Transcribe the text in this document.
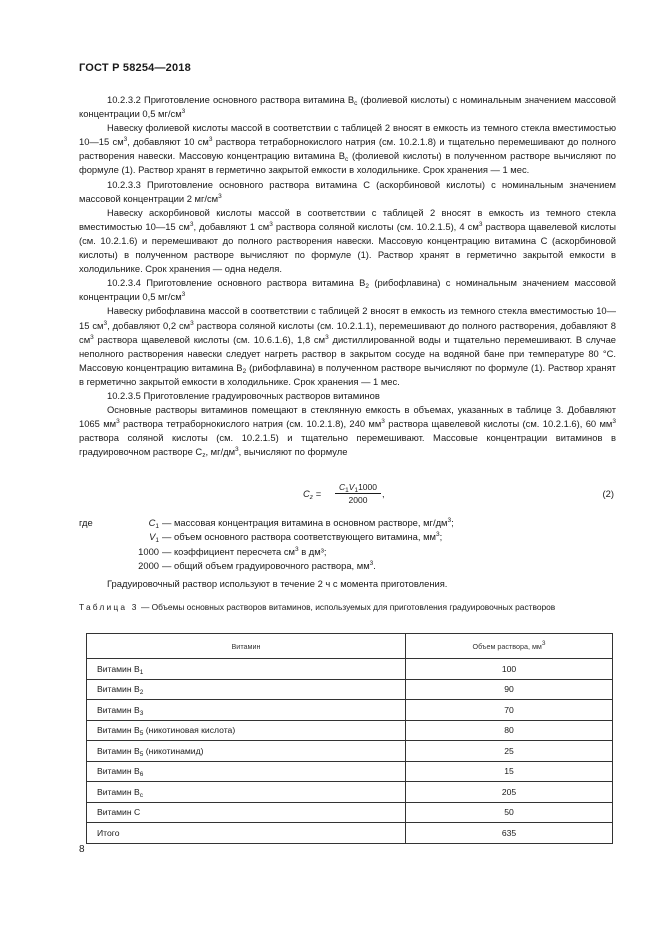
ГОСТ Р 58254—2018

10.2.3.2 Приготовление основного раствора витамина $B_c$ (фолиевой кислоты) с номинальным значением массовой концентрации 0,5 $мг/см^3$

Навеску фолиевой кислоты массой в соответствии с таблицей 2 вносят в емкость из темного стекла вместимостью 10—15 $см^3$, добавляют 10 $см^3$ раствора тетраборнокислого натрия (см. 10.2.1.8) и тщательно перемешивают до полного растворения навески. Массовую концентрацию витамина $B_c$ (фолиевой кислоты) в полученном растворе вычисляют по формуле (1). Раствор хранят в герметично закрытой емкости в холодильнике. Срок хранения — 1 мес.

10.2.3.3 Приготовление основного раствора витамина С (аскорбиновой кислоты) с номинальным значением массовой концентрации 2 $мг/см^3$

Навеску аскорбиновой кислоты массой в соответствии с таблицей 2 вносят в емкость из темного стекла вместимостью 10—15 $см^3$, добавляют 1 $см^3$ раствора соляной кислоты (см. 10.2.1.5), 4 $см^3$ раствора щавелевой кислоты (см. 10.2.1.6) и перемешивают до полного растворения навески. Массовую концентрацию витамина С (аскорбиновой кислоты) в полученном растворе вычисляют по формуле (1). Раствор хранят в герметично закрытой емкости в холодильнике. Срок хранения — одна неделя.

10.2.3.4 Приготовление основного раствора витамина $B_2$ (рибофлавина) с номинальным значением массовой концентрации 0,5 $мг/см^3$

Навеску рибофлавина массой в соответствии с таблицей 2 вносят в емкость из темного стекла вместимостью 10—15 $см^3$, добавляют 0,2 $см^3$ раствора соляной кислоты (см. 10.2.1.1), перемешивают до полного растворения, добавляют 8 $см^3$ раствора щавелевой кислоты (см. 10.6.1.6), 1,8 $см^3$ дистиллированной воды и тщательно перемешивают. В случае неполного растворения навески следует нагреть раствор в закрытом сосуде на водяной бане при температуре 80 °C. Массовую концентрацию витамина $B_2$ (рибофлавина) в полученном растворе вычисляют по формуле (1). Раствор хранят в герметично закрытой емкости в холодильнике. Срок хранения — 1 мес.

10.2.3.5 Приготовление градуировочных растворов витаминов

Основные растворы витаминов помещают в стеклянную емкость в объемах, указанных в таблице 3. Добавляют 1065 $мм^3$ раствора тетраборнокислого натрия (см. 10.2.1.8), 240 $мм^3$ раствора щавелевой кислоты (см. 10.2.1.6), 60 $мм^3$ раствора соляной кислоты (см. 10.2.1.5) и тщательно перемешивают. Массовые концентрации витаминов в градуировочном растворе $C_z$, $мг/дм^3$, вычисляют по формуле

$C_z = \frac{C_1V_11000}{2000}$ ,	(2)
где	$C_1$ — массовая концентрация витамина в основном растворе, $мг/дм^3$;
$V_1$ — объем основного раствора соответствующего витамина, $мм^3$;
1000 — коэффициент пересчета $см^3$ в дм³;
2000 — общий объем градуировочного раствора, $мм^3$.
Градуировочный раствор используют в течение 2 ч с момента приготовления.
Таблица 3 — Объемы основных растворов витаминов, используемых для приготовления градуировочных растворов
Витамин	Объем раствора, $мм^3$
Витамин $B_1$	100
Витамин $B_2$	90
Витамин $B_3$	70
Витамин $B_5$ (никотиновая кислота)	80
Витамин $B_5$ (никотинамид)	25
Витамин $B_6$	15
Витамин $B_c$	205
Витамин С	50
Итого	635
8
